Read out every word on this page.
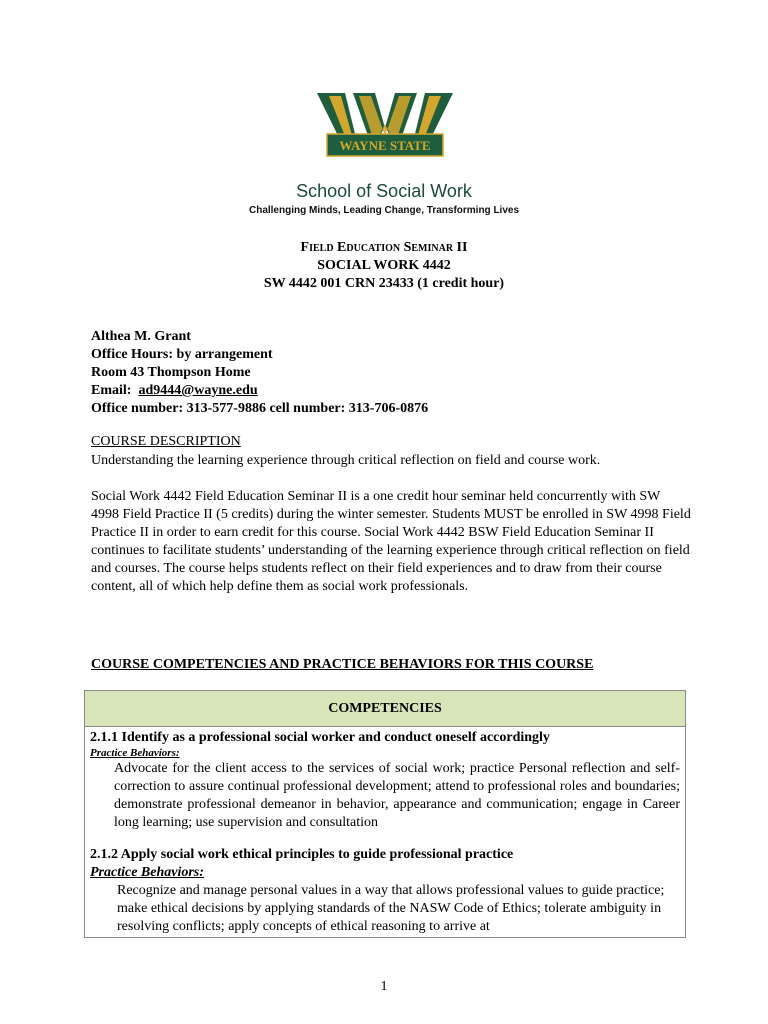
WAYNE STATE
School of Social Work
Challenging Minds, Leading Change, Transforming Lives
Field Education Seminar II
SOCIAL WORK 4442
SW 4442 001 CRN 23433 (1 credit hour)
Althea M. Grant
Office Hours: by arrangement
Room 43 Thompson Home
Email:  ad9444@wayne.edu
Office number: 313-577-9886 cell number: 313-706-0876
COURSE DESCRIPTION
Understanding the learning experience through critical reflection on field and course work.
Social Work 4442 Field Education Seminar II is a one credit hour seminar held concurrently with SW 4998 Field Practice II (5 credits) during the winter semester. Students MUST be enrolled in SW 4998 Field Practice II in order to earn credit for this course. Social Work 4442 BSW Field Education Seminar II continues to facilitate students’ understanding of the learning experience through critical reflection on field and courses. The course helps students reflect on their field experiences and to draw from their course content, all of which help define them as social work professionals.
COURSE COMPETENCIES AND PRACTICE BEHAVIORS FOR THIS COURSE
COMPETENCIES
2.1.1 Identify as a professional social worker and conduct oneself accordingly
Practice Behaviors:
Advocate for the client access to the services of social work; practice Personal reflection and self-correction to assure continual professional development; attend to professional roles and boundaries; demonstrate professional demeanor in behavior, appearance and communication; engage in Career long learning; use supervision and consultation
2.1.2 Apply social work ethical principles to guide professional practice
Practice Behaviors:
Recognize and manage personal values in a way that allows professional values to guide practice; make ethical decisions by applying standards of the NASW Code of Ethics; tolerate ambiguity in resolving conflicts; apply concepts of ethical reasoning to arrive at
1
